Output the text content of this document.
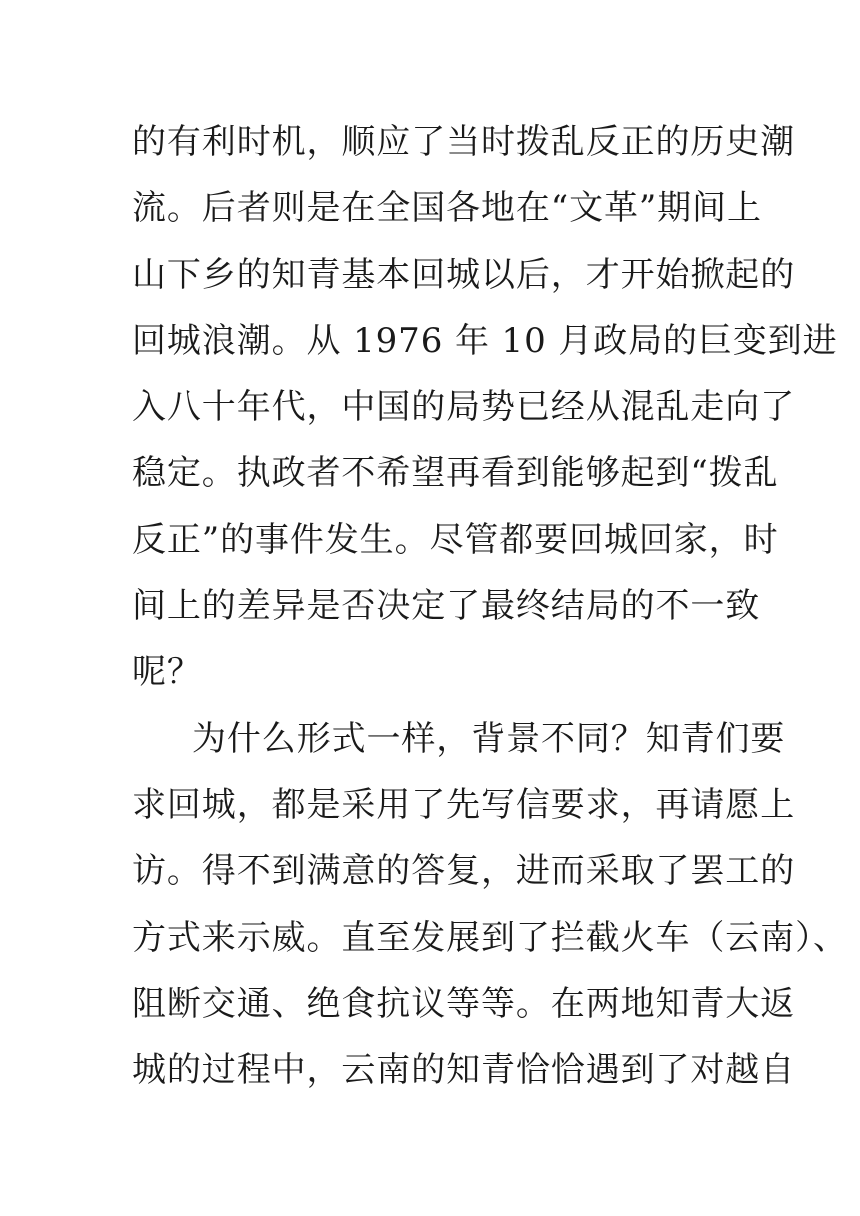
的有利时机，顺应了当时拨乱反正的历史潮
流。后者则是在全国各地在“文革”期间上
山下乡的知青基本回城以后，才开始掀起的
回城浪潮。从 1976 年 10 月政局的巨变到进
入八十年代，中国的局势已经从混乱走向了
稳定。执政者不希望再看到能够起到“拨乱
反正”的事件发生。尽管都要回城回家，时
间上的差异是否决定了最终结局的不一致
呢？
为什么形式一样，背景不同？知青们要
求回城，都是采用了先写信要求，再请愿上
访。得不到满意的答复，进而采取了罢工的
方式来示威。直至发展到了拦截火车（云南）、
阻断交通、绝食抗议等等。在两地知青大返
城的过程中，云南的知青恰恰遇到了对越自
